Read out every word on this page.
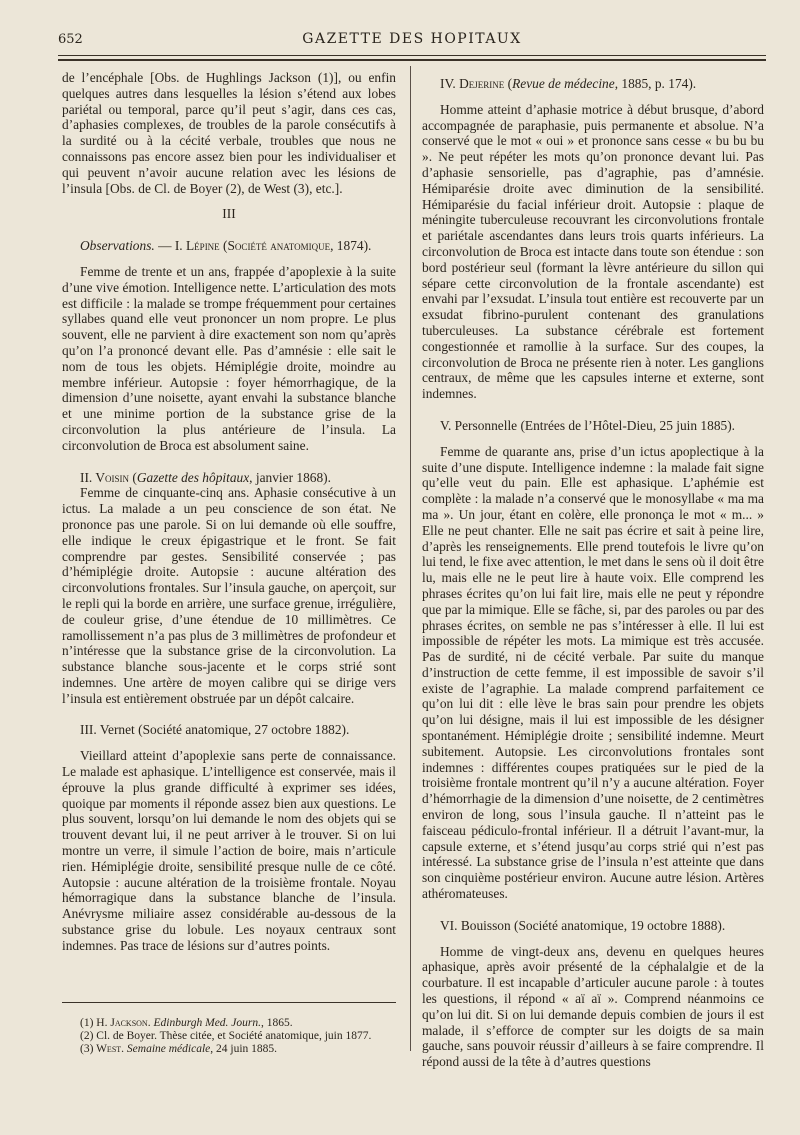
652	GAZETTE DES HOPITAUX

de l’encéphale [Obs. de Hughlings Jackson (1)], ou enfin quelques autres dans lesquelles la lésion s’étend aux lobes pariétal ou temporal, parce qu’il peut s’agir, dans ces cas, d’aphasies complexes, de troubles de la parole consécutifs à la surdité ou à la cécité verbale, troubles que nous ne connaissons pas encore assez bien pour les individualiser et qui peuvent n’avoir aucune relation avec les lésions de l’insula [Obs. de Cl. de Boyer (2), de West (3), etc.].

III

Observations. — I. Lépine (Société anatomique, 1874).

Femme de trente et un ans, frappée d’apoplexie à la suite d’une vive émotion. Intelligence nette. L’articulation des mots est difficile : la malade se trompe fréquemment pour certaines syllabes quand elle veut prononcer un nom propre. Le plus souvent, elle ne parvient à dire exactement son nom qu’après qu’on l’a prononcé devant elle. Pas d’amnésie : elle sait le nom de tous les objets. Hémiplégie droite, moindre au membre inférieur. Autopsie : foyer hémorrhagique, de la dimension d’une noisette, ayant envahi la substance blanche et une minime portion de la substance grise de la circonvolution la plus antérieure de l’insula. La circonvolution de Broca est absolument saine.

II. Voisin (Gazette des hôpitaux, janvier 1868).

Femme de cinquante-cinq ans. Aphasie consécutive à un ictus. La malade a un peu conscience de son état. Ne prononce pas une parole. Si on lui demande où elle souffre, elle indique le creux épigastrique et le front. Se fait comprendre par gestes. Sensibilité conservée ; pas d’hémiplégie droite. Autopsie : aucune altération des circonvolutions frontales. Sur l’insula gauche, on aperçoit, sur le repli qui la borde en arrière, une surface grenue, irrégulière, de couleur grise, d’une étendue de 10 millimètres. Ce ramollissement n’a pas plus de 3 millimètres de profondeur et n’intéresse que la substance grise de la circonvolution. La substance blanche sous-jacente et le corps strié sont indemnes. Une artère de moyen calibre qui se dirige vers l’insula est entièrement obstruée par un dépôt calcaire.

III. Vernet (Société anatomique, 27 octobre 1882).

Vieillard atteint d’apoplexie sans perte de connaissance. Le malade est aphasique. L’intelligence est conservée, mais il éprouve la plus grande difficulté à exprimer ses idées, quoique par moments il réponde assez bien aux questions. Le plus souvent, lorsqu’on lui demande le nom des objets qui se trouvent devant lui, il ne peut arriver à le trouver. Si on lui montre un verre, il simule l’action de boire, mais n’articule rien. Hémiplégie droite, sensibilité presque nulle de ce côté. Autopsie : aucune altération de la troisième frontale. Noyau hémorragique dans la substance blanche de l’insula. Anévrysme miliaire assez considérable au-dessous de la substance grise du lobule. Les noyaux centraux sont indemnes. Pas trace de lésions sur d’autres points.

(1) H. Jackson. Edinburgh Med. Journ., 1865.
(2) Cl. de Boyer. Thèse citée, et Société anatomique, juin 1877.
(3) West. Semaine médicale, 24 juin 1885.

IV. Dejerine (Revue de médecine, 1885, p. 174).

Homme atteint d’aphasie motrice à début brusque, d’abord accompagnée de paraphasie, puis permanente et absolue. N’a conservé que le mot « oui » et prononce sans cesse « bu bu bu ». Ne peut répéter les mots qu’on prononce devant lui. Pas d’aphasie sensorielle, pas d’agraphie, pas d’amnésie. Hémiparésie droite avec diminution de la sensibilité. Hémiparésie du facial inférieur droit. Autopsie : plaque de méningite tuberculeuse recouvrant les circonvolutions frontale et pariétale ascendantes dans leurs trois quarts inférieurs. La circonvolution de Broca est intacte dans toute son étendue : son bord postérieur seul (formant la lèvre antérieure du sillon qui sépare cette circonvolution de la frontale ascendante) est envahi par l’exsudat. L’insula tout entière est recouverte par un exsudat fibrino-purulent contenant des granulations tuberculeuses. La substance cérébrale est fortement congestionnée et ramollie à la surface. Sur des coupes, la circonvolution de Broca ne présente rien à noter. Les ganglions centraux, de même que les capsules interne et externe, sont indemnes.

V. Personnelle (Entrées de l’Hôtel-Dieu, 25 juin 1885).

Femme de quarante ans, prise d’un ictus apoplectique à la suite d’une dispute. Intelligence indemne : la malade fait signe qu’elle veut du pain. Elle est aphasique. L’aphémie est complète : la malade n’a conservé que le monosyllabe « ma ma ma ». Un jour, étant en colère, elle prononça le mot « m... » Elle ne peut chanter. Elle ne sait pas écrire et sait à peine lire, d’après les renseignements. Elle prend toutefois le livre qu’on lui tend, le fixe avec attention, le met dans le sens où il doit être lu, mais elle ne le peut lire à haute voix. Elle comprend les phrases écrites qu’on lui fait lire, mais elle ne peut y répondre que par la mimique. Elle se fâche, si, par des paroles ou par des phrases écrites, on semble ne pas s’intéresser à elle. Il lui est impossible de répéter les mots. La mimique est très accusée. Pas de surdité, ni de cécité verbale. Par suite du manque d’instruction de cette femme, il est impossible de savoir s’il existe de l’agraphie. La malade comprend parfaitement ce qu’on lui dit : elle lève le bras sain pour prendre les objets qu’on lui désigne, mais il lui est impossible de les désigner spontanément. Hémiplégie droite ; sensibilité indemne. Meurt subitement. Autopsie. Les circonvolutions frontales sont indemnes : différentes coupes pratiquées sur le pied de la troisième frontale montrent qu’il n’y a aucune altération. Foyer d’hémorrhagie de la dimension d’une noisette, de 2 centimètres environ de long, sous l’insula gauche. Il n’atteint pas le faisceau pédiculo-frontal inférieur. Il a détruit l’avant-mur, la capsule externe, et s’étend jusqu’au corps strié qui n’est pas intéressé. La substance grise de l’insula n’est atteinte que dans son cinquième postérieur environ. Aucune autre lésion. Artères athéromateuses.

VI. Bouisson (Société anatomique, 19 octobre 1888).

Homme de vingt-deux ans, devenu en quelques heures aphasique, après avoir présenté de la céphalalgie et de la courbature. Il est incapable d’articuler aucune parole : à toutes les questions, il répond « aï aï ». Comprend néanmoins ce qu’on lui dit. Si on lui demande depuis combien de jours il est malade, il s’efforce de compter sur les doigts de sa main gauche, sans pouvoir réussir d’ailleurs à se faire comprendre. Il répond aussi de la tête à d’autres questions
